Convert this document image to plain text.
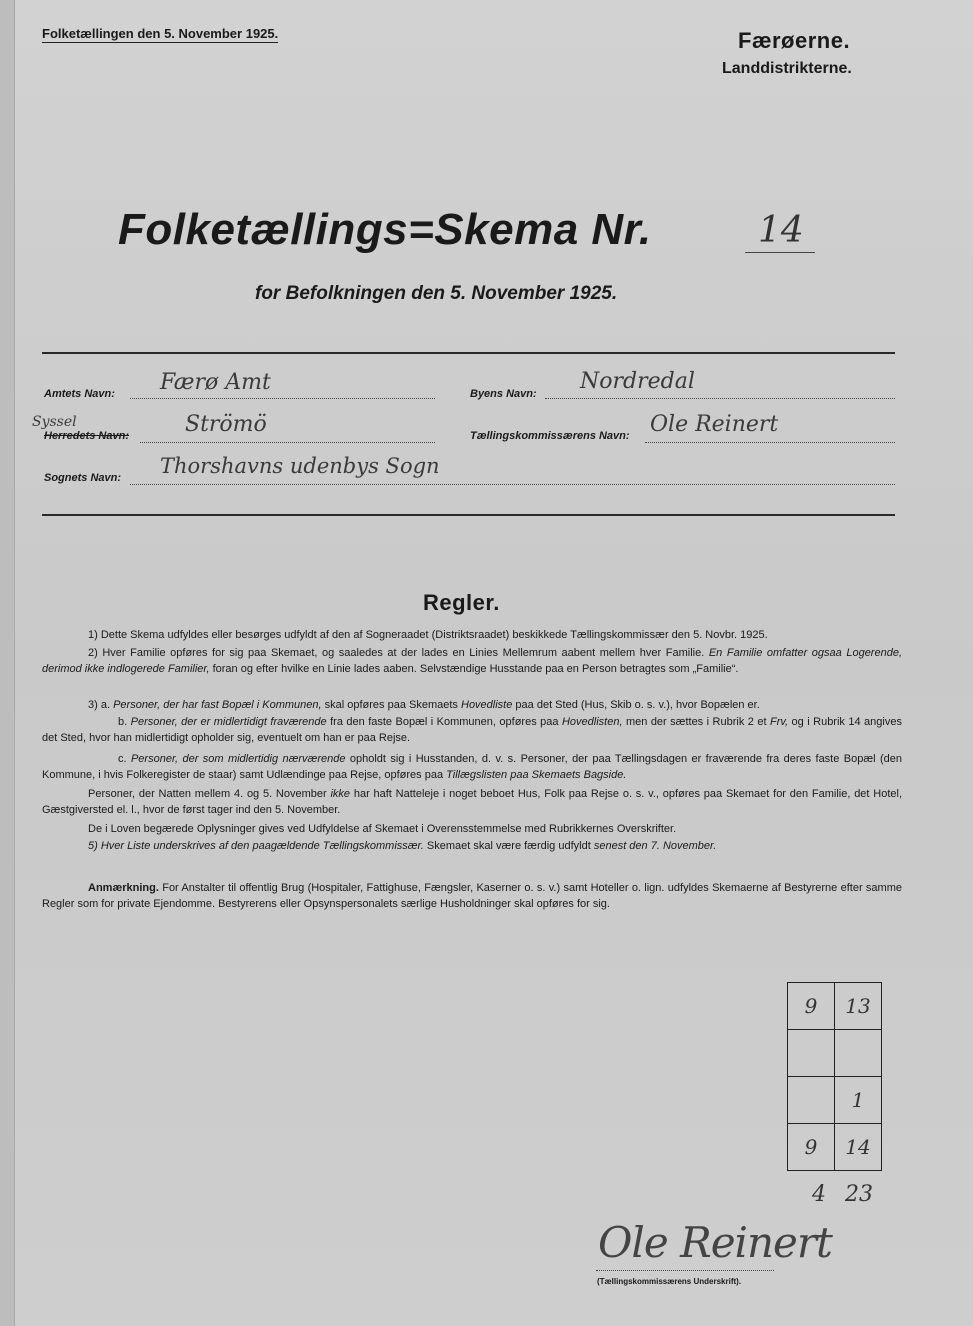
Folketællingen den 5. November 1925.	Færøerne.
Landdistrikterne.
Folketællings=Skema Nr.	14
for Befolkningen den 5. November 1925.
Amtets Navn: Færø Amt	Byens Navn: Nordredal
Syssel
Herredets Navn:	Strömö	Tællingskommissærens Navn: Ole Reinert
Sognets Navn: Thorshavns udenbys Sogn
Regler.
1) Dette Skema udfyldes eller besørges udfyldt af den af Sogneraadet (Distriktsraadet) beskikkede Tællingskommissær den 5. Novbr. 1925.
2) Hver Familie opføres for sig paa Skemaet, og saaledes at der lades en Linies Mellemrum aabent mellem hver Familie. En Familie omfatter ogsaa Logerende, derimod ikke indlogerede Familier, foran og efter hvilke en Linie lades aaben. Selvstændige Husstande paa en Person betragtes som „Familie“.
3) a. Personer, der har fast Bopæl i Kommunen, skal opføres paa Skemaets Hovedliste paa det Sted (Hus, Skib o. s. v.), hvor Bopælen er.
b. Personer, der er midlertidigt fraværende fra den faste Bopæl i Kommunen, opføres paa Hovedlisten, men der sættes i Rubrik 2 et Frv, og i Rubrik 14 angives det Sted, hvor han midlertidigt opholder sig, eventuelt om han er paa Rejse.
c. Personer, der som midlertidig nærværende opholdt sig i Husstanden, d. v. s. Personer, der paa Tællingsdagen er fraværende fra deres faste Bopæl (den Kommune, i hvis Folkeregister de staar) samt Udlændinge paa Rejse, opføres paa Tillægslisten paa Skemaets Bagside.
Personer, der Natten mellem 4. og 5. November ikke har haft Natteleje i noget beboet Hus, Folk paa Rejse o. s. v., opføres paa Skemaet for den Familie, det Hotel, Gæstgiversted el. l., hvor de først tager ind den 5. November.
De i Loven begærede Oplysninger gives ved Udfyldelse af Skemaet i Overensstemmelse med Rubrikkernes Overskrifter.
5) Hver Liste underskrives af den paagældende Tællingskommissær. Skemaet skal være færdig udfyldt senest den 7. November.
Anmærkning. For Anstalter til offentlig Brug (Hospitaler, Fattighuse, Fængsler, Kaserner o. s. v.) samt Hoteller o. lign. udfyldes Skemaerne af Bestyrerne efter samme Regler som for private Ejendomme. Bestyrerens eller Opsynspersonalets særlige Husholdninger skal opføres for sig.
9	13

	1
9	14
4 23
Ole Reinert
(Tællingskommissærens Underskrift).
